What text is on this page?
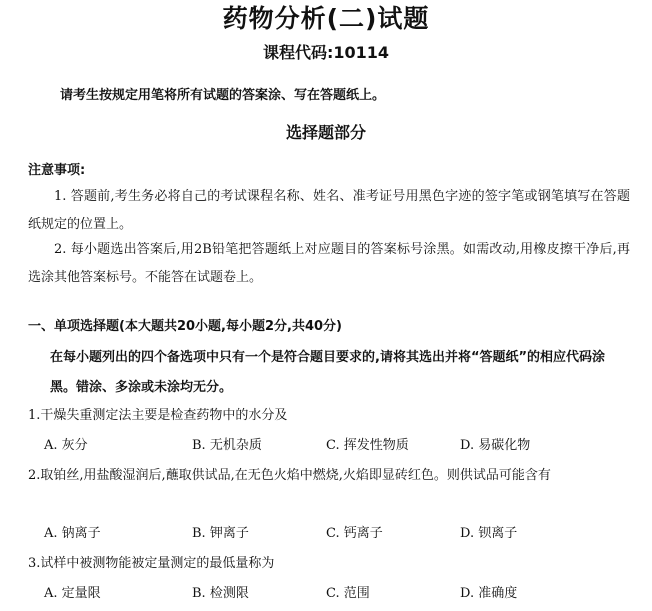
药物分析(二)试题
课程代码:10114
请考生按规定用笔将所有试题的答案涂、写在答题纸上。
选择题部分
注意事项:
1. 答题前,考生务必将自己的考试课程名称、姓名、准考证号用黑色字迹的签字笔或钢笔填写在答题纸规定的位置上。
2. 每小题选出答案后,用2B铅笔把答题纸上对应题目的答案标号涂黑。如需改动,用橡皮擦干净后,再选涂其他答案标号。不能答在试题卷上。
一、单项选择题(本大题共20小题,每小题2分,共40分)
在每小题列出的四个备选项中只有一个是符合题目要求的,请将其选出并将“答题纸”的相应代码涂黑。错涂、多涂或未涂均无分。
1.干燥失重测定法主要是检查药物中的水分及
A. 灰分	B. 无机杂质	C. 挥发性物质	D. 易碳化物
2.取铂丝,用盐酸湿润后,蘸取供试品,在无色火焰中燃烧,火焰即显砖红色。则供试品可能含有
A. 钠离子	B. 钾离子	C. 钙离子	D. 钡离子
3.试样中被测物能被定量测定的最低量称为
A. 定量限	B. 检测限	C. 范围	D. 准确度
